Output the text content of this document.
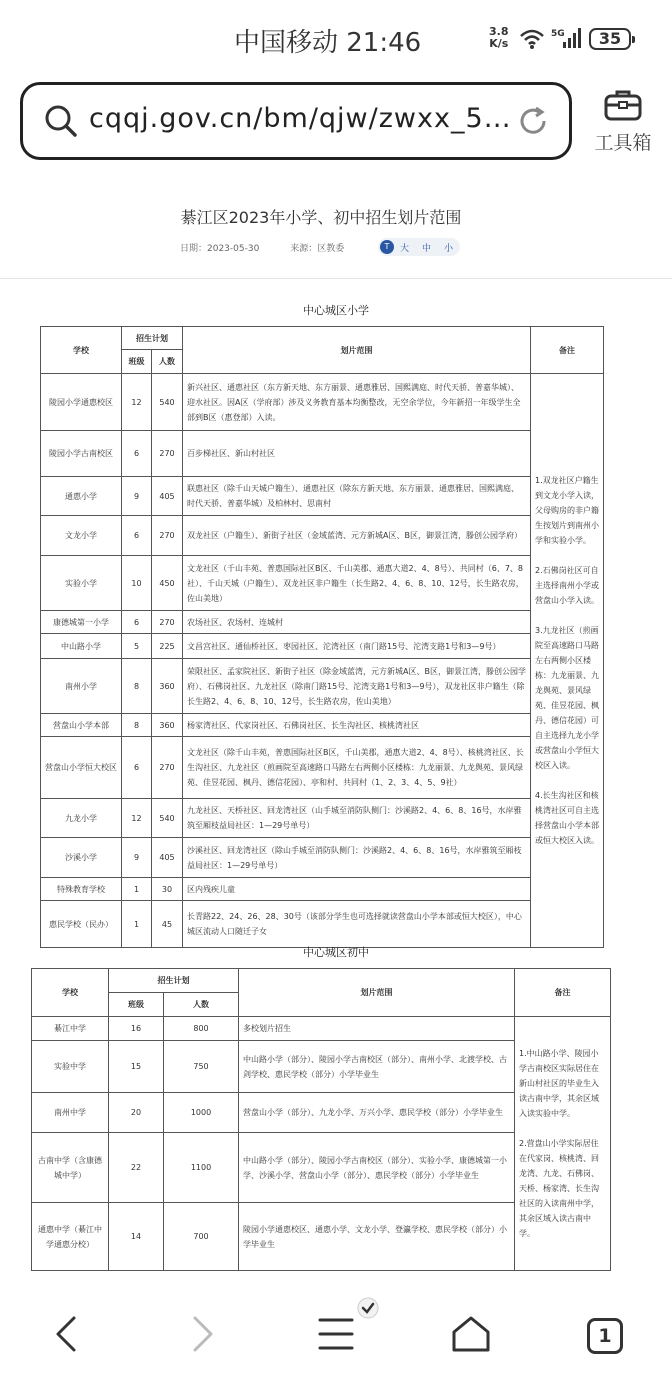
中国移动 21:46	3.8
K/s
5G	35
cqqj.gov.cn/bm/qjw/zwxx_5…
工具箱
綦江区2023年小学、初中招生划片范围
日期：2023-05-30	来源：区教委	T	大 中 小
中心城区小学
学校	招生计划		划片范围	备注
	班级	人数		
陵园小学通惠校区	12	540	新兴社区、通惠社区（东方新天地、东方丽景、通惠雅居、国熙满庭、时代天骄、普嘉华城）、迎水社区。因A区（学府部）涉及义务教育基本均衡整改，无空余学位，今年新招一年级学生全部到B区（惠登部）入读。	1.双龙社区户籍生到文龙小学入读，父母购房的非户籍生按划片到南州小学和实验小学。

2.石佛岗社区可自主选择南州小学或营盘山小学入读。

3.九龙社区（煎画院至高速路口马路左右两侧小区楼栋：九龙丽景、九龙舆苑、景风绿苑、佳昱花园、枫丹、德信花园）可自主选择九龙小学或营盘山小学恒大校区入读。

4.长生沟社区和核桃湾社区可自主选择营盘山小学本部或恒大校区入读。

陵园小学古南校区	6	270	百步梯社区、新山村社区	
通惠小学	9	405	联惠社区（除千山天城户籍生）、通惠社区（除东方新天地、东方丽景、通惠雅居、国熙满庭、时代天骄、普嘉华城）及柏林村、思南村	
文龙小学	6	270	双龙社区（户籍生）、新街子社区（金域蓝湾、元方新城A区、B区，御景江湾，滕创公园学府）	
实验小学	10	450	文龙社区（千山丰苑、普惠国际社区B区、千山美郡、通惠大道2、4、8号）、共同村（6、7、8社）、千山天城（户籍生）、双龙社区非户籍生（长生路2、4、6、8、10、12号，长生路农房，佐山美地）	
康德城第一小学	6	270	农场社区、农场村、连城村	
中山路小学	5	225	文昌宫社区、通仙桥社区、枣园社区、沱湾社区（南门路15号、沱湾支路1号和3—9号）	
南州小学	8	360	荣限社区、孟家院社区、新街子社区（除金域蓝湾，元方新城A区、B区，御景江湾，滕创公园学府）、石佛岗社区、九龙社区（除南门路15号、沱湾支路1号和3—9号），双龙社区非户籍生（除长生路2、4、6、8、10、12号，长生路农房，佐山美地）	
营盘山小学本部	8	360	杨家湾社区、代家岗社区、石佛岗社区、长生沟社区、核桃湾社区	
营盘山小学恒大校区	6	270	文龙社区（除千山丰苑，普惠国际社区B区，千山美郡，通惠大道2、4、8号）、核桃湾社区、长生沟社区、九龙社区（煎画院至高速路口马路左右两侧小区楼栋：九龙丽景、九龙舆苑、景风绿苑、佳昱花园、枫丹、德信花园）、亭和村、共同村（1、2、3、4、5、9社）	
九龙小学	12	540	九龙社区、天桥社区、回龙湾社区（山手城至消防队侧门：沙溪路2、4、6、8、16号，水岸雅筑至厢枝益局社区：1—29号单号）	
沙溪小学	9	405	沙溪社区、回龙湾社区（除山手城至消防队侧门：沙溪路2、4、6、8、16号，水岸雅筑至厢枝益局社区：1—29号单号）	
特殊教育学校	1	30	区内残疾儿童	
惠民学校（民办）	1	45	长青路22、24、26、28、30号（该部分学生也可选择就读营盘山小学本部或恒大校区），中心城区流动人口随迁子女	
中心城区初中
学校	招生计划		划片范围	备注
	班级	人数		
綦江中学	16	800	多校划片招生	1.中山路小学、陵园小学古南校区实际居住在新山村社区的毕业生入读古南中学，其余区域入读实验中学。

2.营盘山小学实际居住在代家岗、核桃湾、回龙湾、九龙、石佛岗、天桥、杨家湾、长生沟社区的入读南州中学，其余区域入读古南中学。

实验中学	15	750	中山路小学（部分）、陵园小学古南校区（部分）、南州小学、北渡学校、古剑学校、惠民学校（部分）小学毕业生	
南州中学	20	1000	营盘山小学（部分）、九龙小学、万兴小学、惠民学校（部分）小学毕业生	
古南中学（含康德城中学）	22	1100	中山路小学（部分）、陵园小学古南校区（部分）、实验小学、康德城第一小学、沙溪小学、营盘山小学（部分）、惠民学校（部分）小学毕业生	
通惠中学（綦江中学通惠分校）	14	700	陵园小学通惠校区、通惠小学、文龙小学、登瀛学校、惠民学校（部分）小学毕业生	
1
